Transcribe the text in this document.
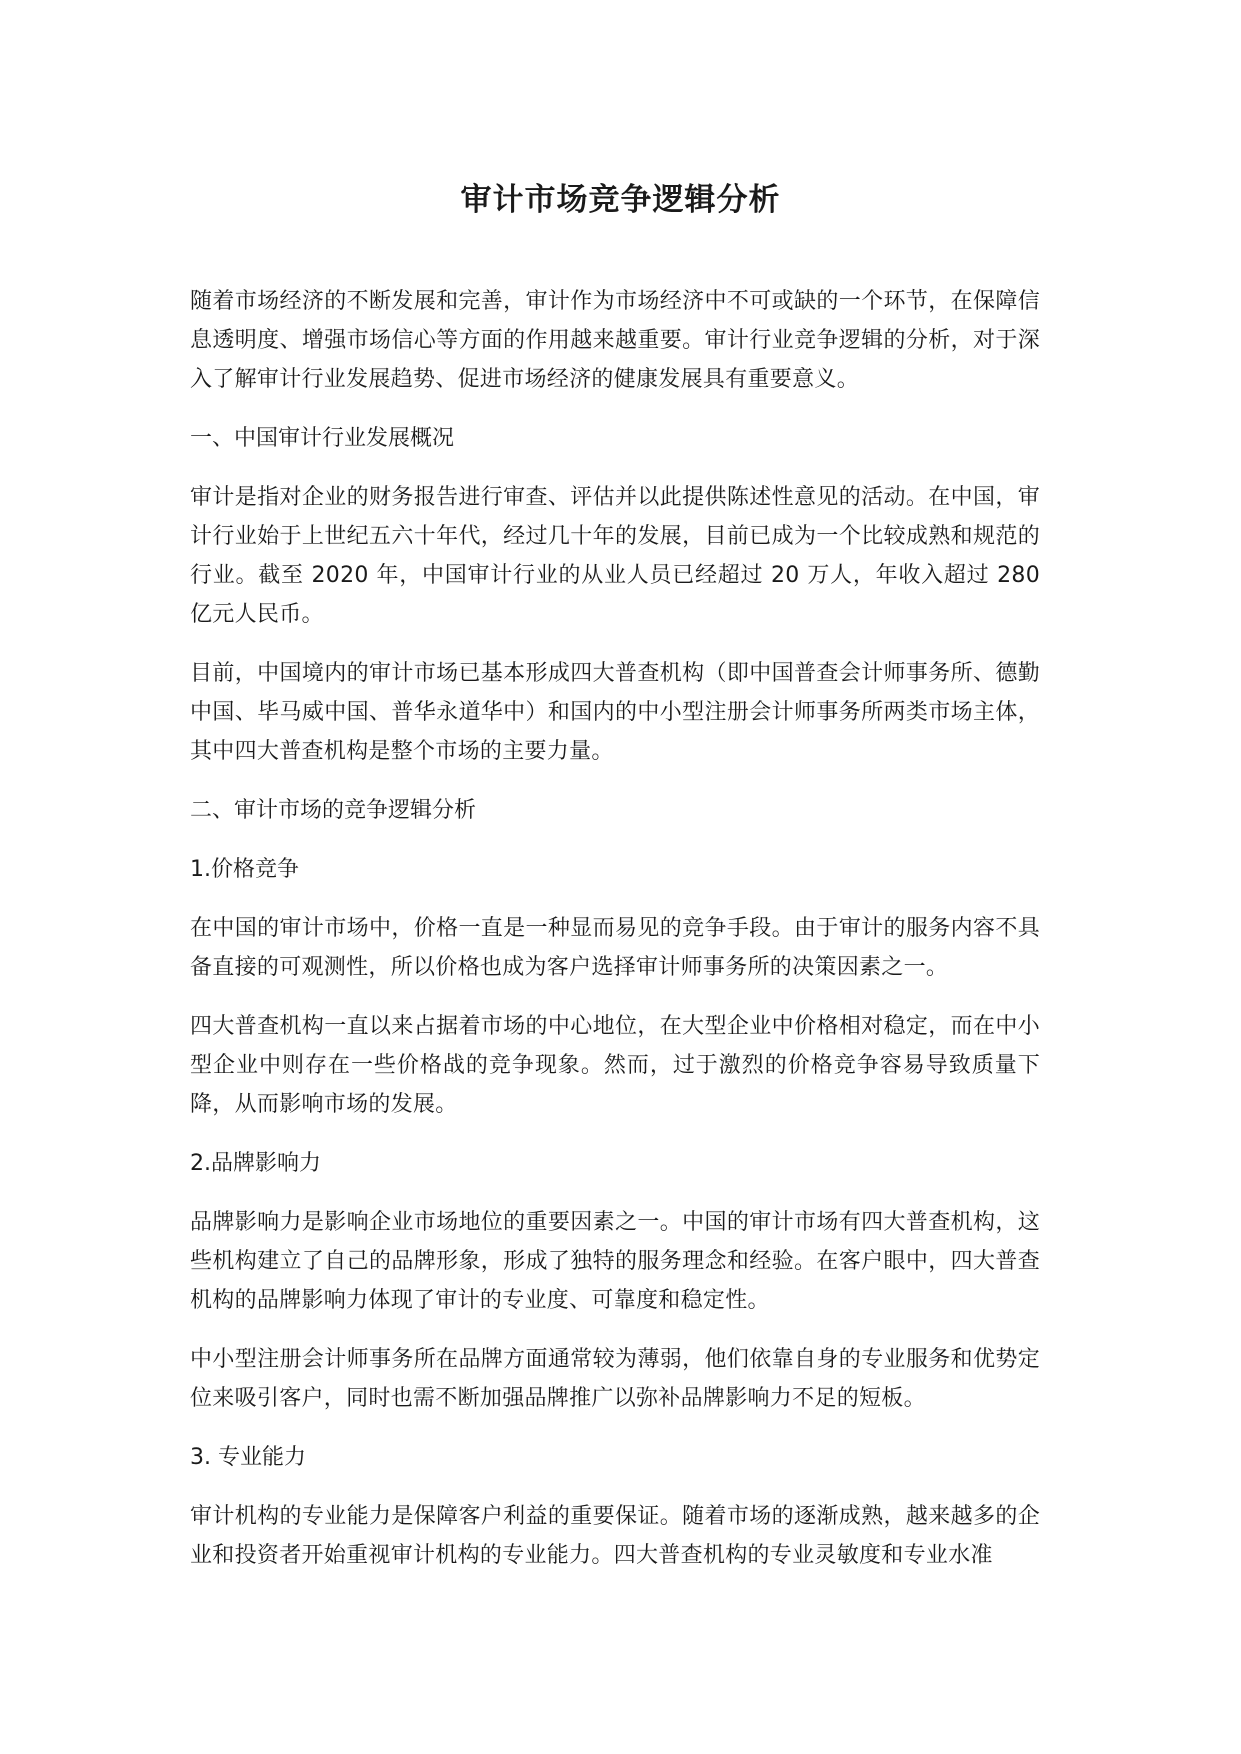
审计市场竞争逻辑分析

随着市场经济的不断发展和完善，审计作为市场经济中不可或缺的一个环节，在保障信息透明度、增强市场信心等方面的作用越来越重要。审计行业竞争逻辑的分析，对于深入了解审计行业发展趋势、促进市场经济的健康发展具有重要意义。

一、中国审计行业发展概况

审计是指对企业的财务报告进行审查、评估并以此提供陈述性意见的活动。在中国，审计行业始于上世纪五六十年代，经过几十年的发展，目前已成为一个比较成熟和规范的行业。截至 2020 年，中国审计行业的从业人员已经超过 20 万人，年收入超过 280 亿元人民币。

目前，中国境内的审计市场已基本形成四大普查机构（即中国普查会计师事务所、德勤中国、毕马威中国、普华永道华中）和国内的中小型注册会计师事务所两类市场主体，其中四大普查机构是整个市场的主要力量。

二、审计市场的竞争逻辑分析

1.价格竞争

在中国的审计市场中，价格一直是一种显而易见的竞争手段。由于审计的服务内容不具备直接的可观测性，所以价格也成为客户选择审计师事务所的决策因素之一。

四大普查机构一直以来占据着市场的中心地位，在大型企业中价格相对稳定，而在中小型企业中则存在一些价格战的竞争现象。然而，过于激烈的价格竞争容易导致质量下降，从而影响市场的发展。

2.品牌影响力

品牌影响力是影响企业市场地位的重要因素之一。中国的审计市场有四大普查机构，这些机构建立了自己的品牌形象，形成了独特的服务理念和经验。在客户眼中，四大普查机构的品牌影响力体现了审计的专业度、可靠度和稳定性。

中小型注册会计师事务所在品牌方面通常较为薄弱，他们依靠自身的专业服务和优势定位来吸引客户，同时也需不断加强品牌推广以弥补品牌影响力不足的短板。

3. 专业能力

审计机构的专业能力是保障客户利益的重要保证。随着市场的逐渐成熟，越来越多的企业和投资者开始重视审计机构的专业能力。四大普查机构的专业灵敏度和专业水准
